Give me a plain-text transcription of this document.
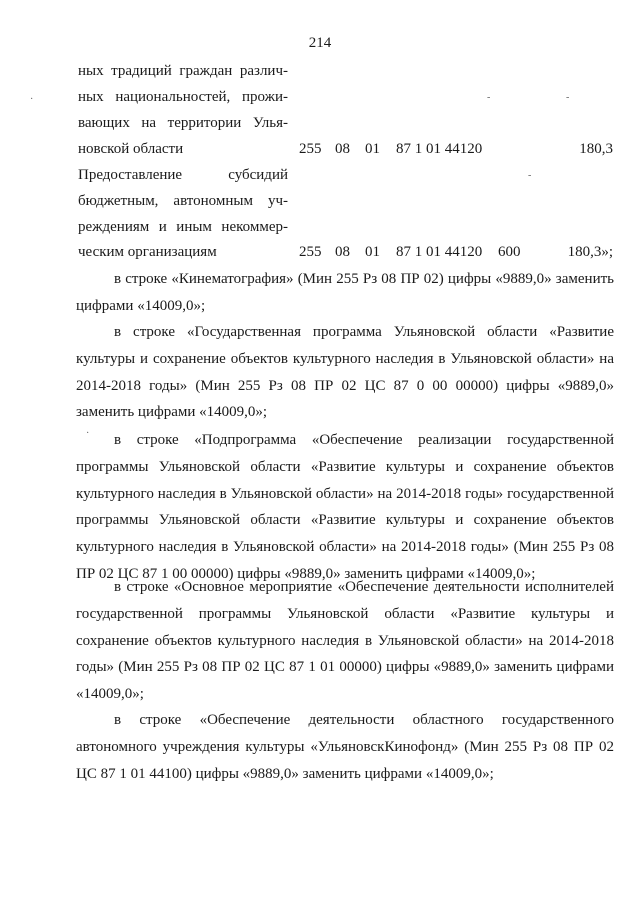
214
ных традиций граждан различ-
ных национальностей, прожи-
вающих на территории Улья-
новской области	255 08 01 87 1 01 44120	180,3
Предоставление субсидий
бюджетным, автономным уч-
реждениям и иным некоммер-
ческим организациям	255 08 01 87 1 01 44120 600	180,3»;

в строке «Кинематография» (Мин 255 Рз 08 ПР 02) цифры «9889,0» заменить цифрами «14009,0»;

в строке «Государственная программа Ульяновской области «Развитие культуры и сохранение объектов культурного наследия в Ульяновской области» на 2014-2018 годы» (Мин 255 Рз 08 ПР 02 ЦС 87 0 00 00000) цифры «9889,0» заменить цифрами «14009,0»;

в строке «Подпрограмма «Обеспечение реализации государственной программы Ульяновской области «Развитие культуры и сохранение объектов культурного наследия в Ульяновской области» на 2014-2018 годы» государственной программы Ульяновской области «Развитие культуры и сохранение объектов культурного наследия в Ульяновской области» на 2014-2018 годы» (Мин 255 Рз 08 ПР 02 ЦС 87 1 00 00000) цифры «9889,0» заменить цифрами «14009,0»;

в строке «Основное мероприятие «Обеспечение деятельности исполнителей государственной программы Ульяновской области «Развитие культуры и сохранение объектов культурного наследия в Ульяновской области» на 2014-2018 годы» (Мин 255 Рз 08 ПР 02 ЦС 87 1 01 00000) цифры «9889,0» заменить цифрами «14009,0»;

в строке «Обеспечение деятельности областного государственного автономного учреждения культуры «УльяновскКинофонд» (Мин 255 Рз 08 ПР 02 ЦС 87 1 01 44100) цифры «9889,0» заменить цифрами «14009,0»;

-	-
-
·
·
